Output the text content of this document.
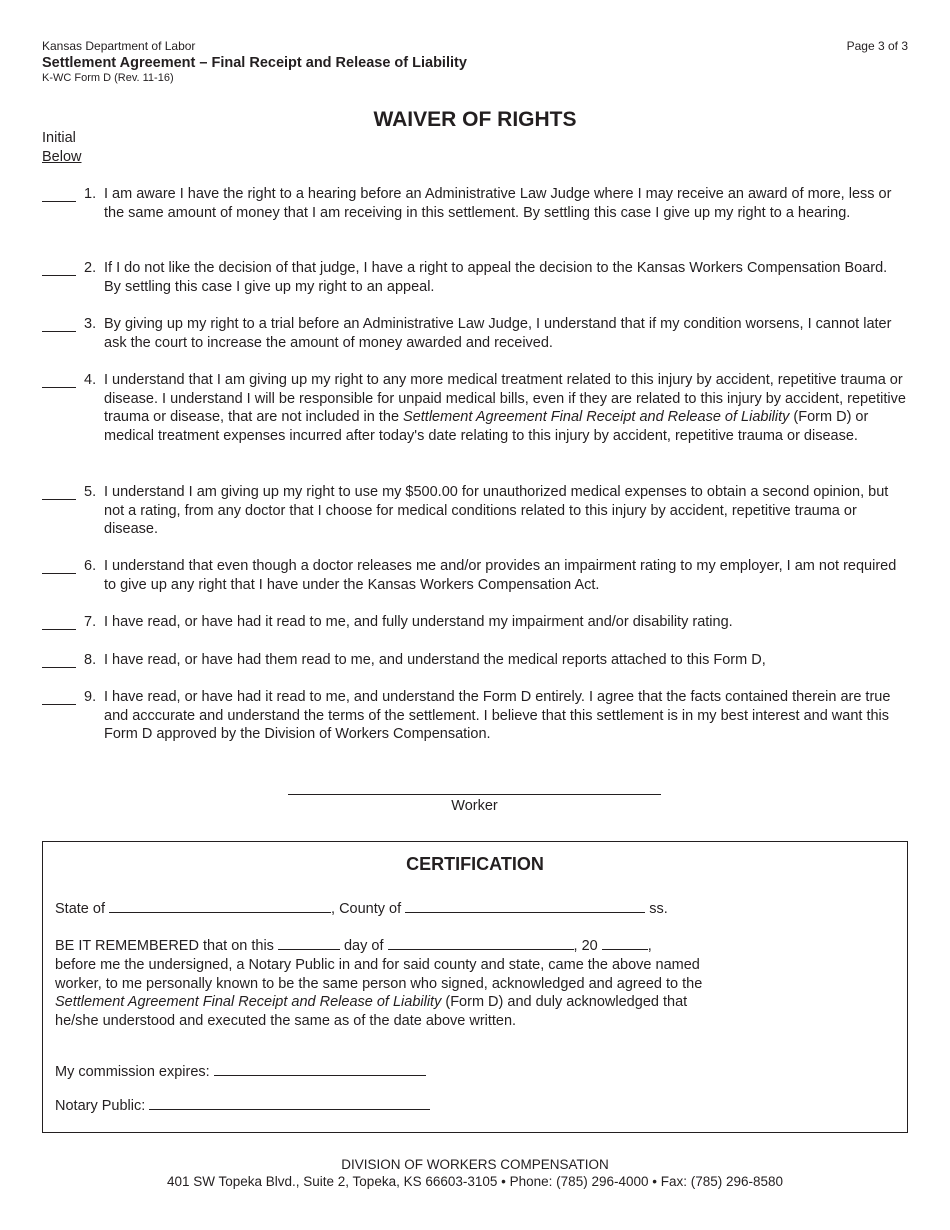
Kansas Department of Labor
Settlement Agreement – Final Receipt and Release of Liability
K-WC Form D (Rev. 11-16)
Page 3 of 3
WAIVER OF RIGHTS
Initial
Below
1. I am aware I have the right to a hearing before an Administrative Law Judge where I may receive an award of more, less or the same amount of money that I am receiving in this settlement. By settling this case I give up my right to a hearing.
2. If I do not like the decision of that judge, I have a right to appeal the decision to the Kansas Workers Compensation Board. By settling this case I give up my right to an appeal.
3. By giving up my right to a trial before an Administrative Law Judge, I understand that if my condition worsens, I cannot later ask the court to increase the amount of money awarded and received.
4. I understand that I am giving up my right to any more medical treatment related to this injury by accident, repetitive trauma or disease. I understand I will be responsible for unpaid medical bills, even if they are related to this injury by accident, repetitive trauma or disease, that are not included in the Settlement Agreement Final Receipt and Release of Liability (Form D) or medical treatment expenses incurred after today's date relating to this injury by accident, repetitive trauma or disease.
5. I understand I am giving up my right to use my $500.00 for unauthorized medical expenses to obtain a second opinion, but not a rating, from any doctor that I choose for medical conditions related to this injury by accident, repetitive trauma or disease.
6. I understand that even though a doctor releases me and/or provides an impairment rating to my employer, I am not required to give up any right that I have under the Kansas Workers Compensation Act.
7. I have read, or have had it read to me, and fully understand my impairment and/or disability rating.
8. I have read, or have had them read to me, and understand the medical reports attached to this Form D,
9. I have read, or have had it read to me, and understand the Form D entirely. I agree that the facts contained therein are true and acccurate and understand the terms of the settlement. I believe that this settlement is in my best interest and want this Form D approved by the Division of Workers Compensation.
Worker
CERTIFICATION
State of	, County of	ss.
BE IT REMEMBERED that on this	day of	, 20	,
before me the undersigned, a Notary Public in and for said county and state, came the above named worker, to me personally known to be the same person who signed, acknowledged and agreed to the Settlement Agreement Final Receipt and Release of Liability (Form D) and duly acknowledged that he/she understood and executed the same as of the date above written.
My commission expires:
Notary Public:
DIVISION OF WORKERS COMPENSATION
401 SW Topeka Blvd., Suite 2, Topeka, KS 66603-3105 • Phone: (785) 296-4000 • Fax: (785) 296-8580
